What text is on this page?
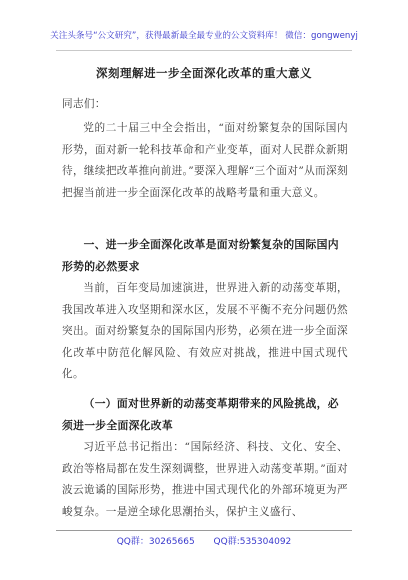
关注头条号“公文研究”，获得最新最全最专业的公文资料库！ 微信：gongwenyj
深刻理解进一步全面深化改革的重大意义
同志们：

党的二十届三中全会指出，“面对纷繁复杂的国际国内形势，面对新一轮科技革命和产业变革，面对人民群众新期待，继续把改革推向前进。”要深入理解“三个面对”从而深刻把握当前进一步全面深化改革的战略考量和重大意义。

一、进一步全面深化改革是面对纷繁复杂的国际国内形势的必然要求

当前，百年变局加速演进，世界进入新的动荡变革期，我国改革进入攻坚期和深水区，发展不平衡不充分问题仍然突出。面对纷繁复杂的国际国内形势，必须在进一步全面深化改革中防范化解风险、有效应对挑战，推进中国式现代化。

（一）面对世界新的动荡变革期带来的风险挑战，必须进一步全面深化改革

习近平总书记指出：“国际经济、科技、文化、安全、政治等格局都在发生深刻调整，世界进入动荡变革期。”面对波云诡谲的国际形势，推进中国式现代化的外部环境更为严峻复杂。一是逆全球化思潮抬头，保护主义盛行、

QQ群：30265665 QQ群:535304092
